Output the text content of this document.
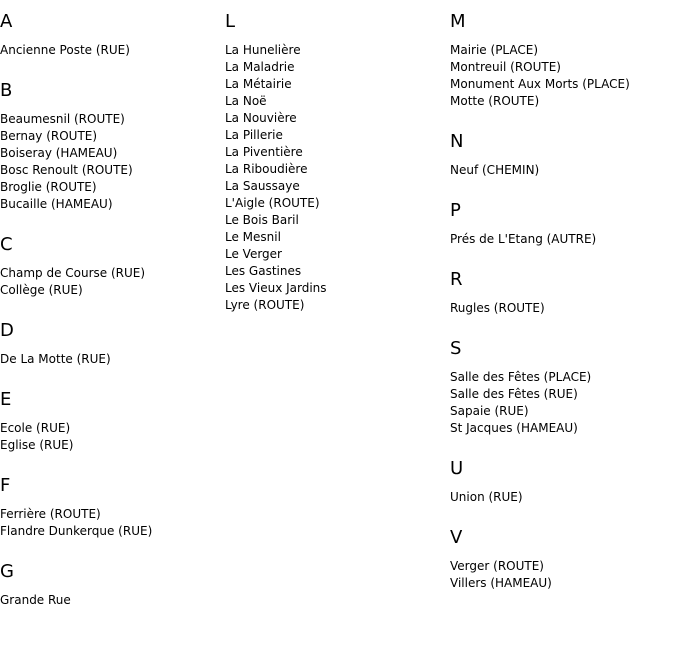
A
Ancienne Poste (RUE)
B
Beaumesnil (ROUTE)
Bernay (ROUTE)
Boiseray (HAMEAU)
Bosc Renoult (ROUTE)
Broglie (ROUTE)
Bucaille (HAMEAU)
C
Champ de Course (RUE)
Collège (RUE)
D
De La Motte (RUE)
E
Ecole (RUE)
Eglise (RUE)
F
Ferrière (ROUTE)
Flandre Dunkerque (RUE)
G
Grande Rue
L
La Hunelière
La Maladrie
La Métairie
La Noë
La Nouvière
La Pillerie
La Piventière
La Riboudière
La Saussaye
L'Aigle (ROUTE)
Le Bois Baril
Le Mesnil
Le Verger
Les Gastines
Les Vieux Jardins
Lyre (ROUTE)
M
Mairie (PLACE)
Montreuil (ROUTE)
Monument Aux Morts (PLACE)
Motte (ROUTE)
N
Neuf (CHEMIN)
P
Prés de L'Etang (AUTRE)
R
Rugles (ROUTE)
S
Salle des Fêtes (PLACE)
Salle des Fêtes (RUE)
Sapaie (RUE)
St Jacques (HAMEAU)
U
Union (RUE)
V
Verger (ROUTE)
Villers (HAMEAU)
